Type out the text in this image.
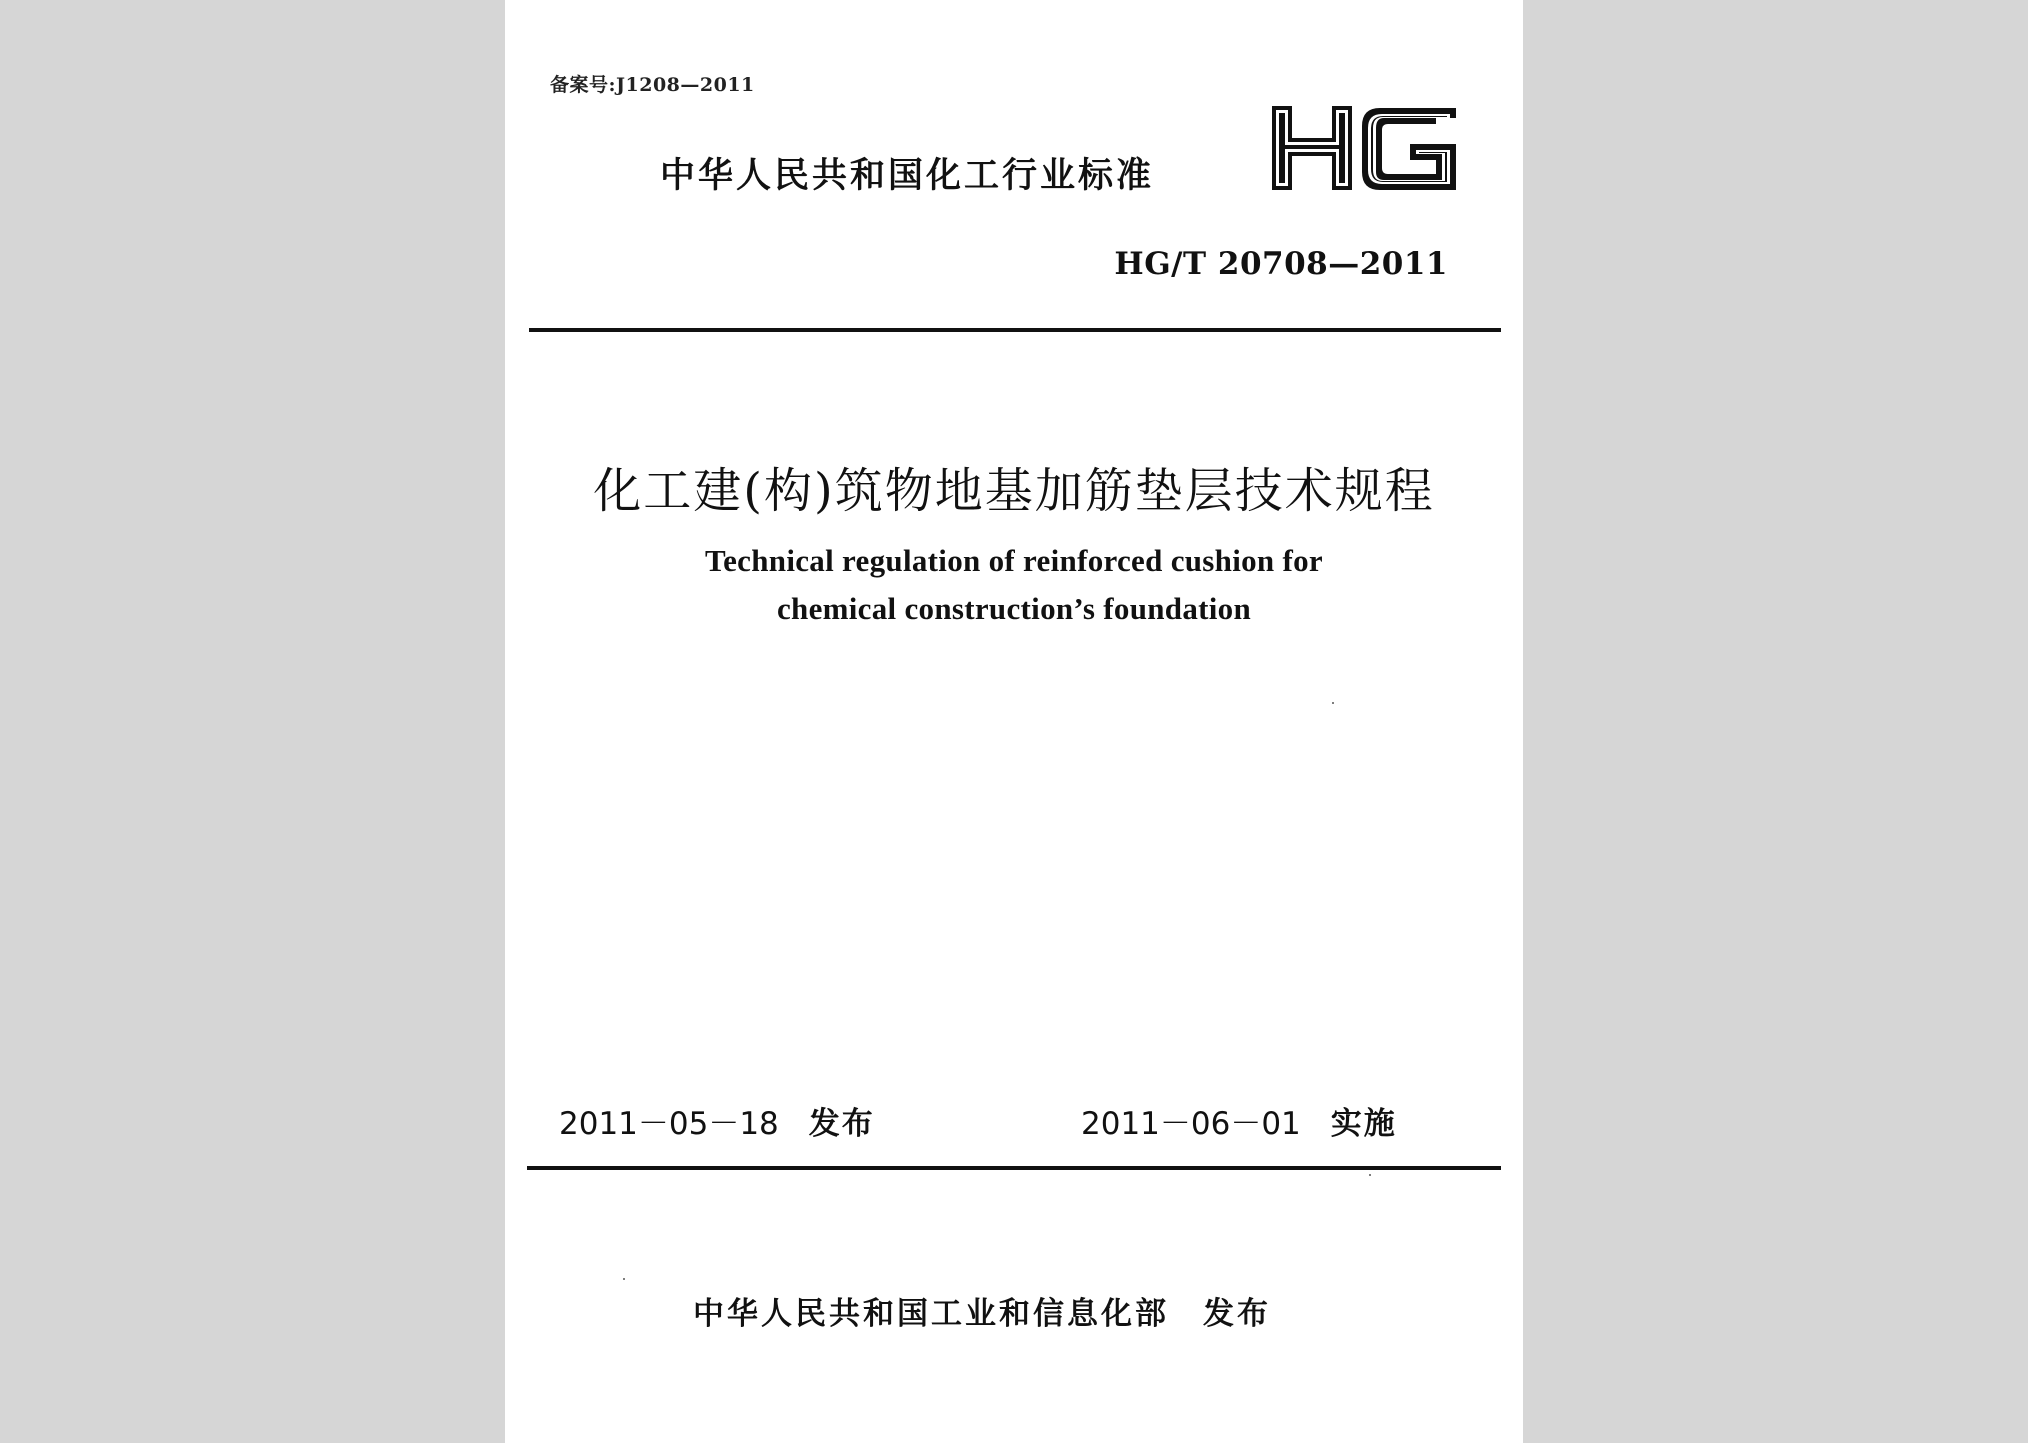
备案号:J1208—2011
中华人民共和国化工行业标准
HG/T 20708—2011
化工建(构)筑物地基加筋垫层技术规程
Technical regulation of reinforced cushion for
chemical construction’s foundation
2011－05－18 发布	2011－06－01 实施
中华人民共和国工业和信息化部 发布
